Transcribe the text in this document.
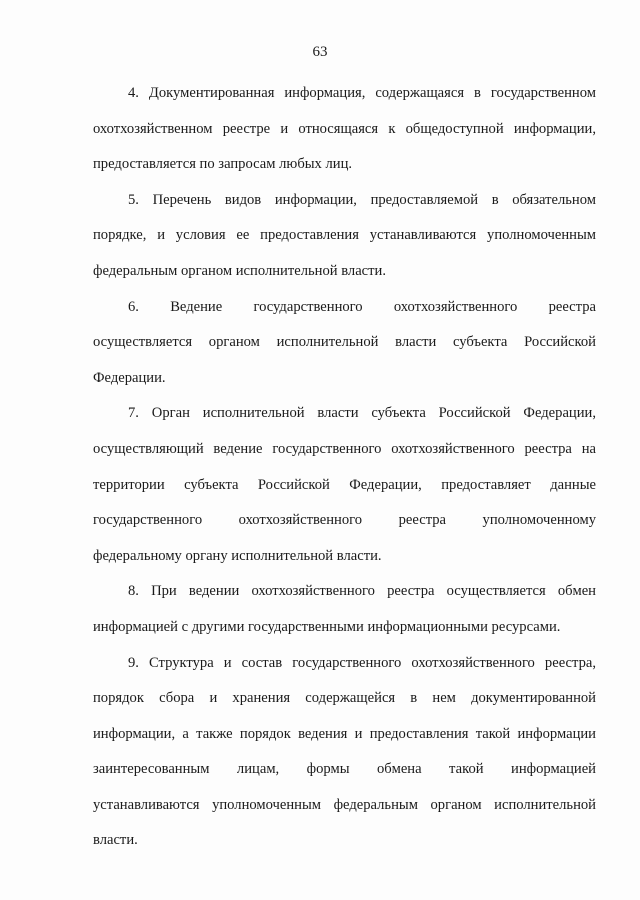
63
4. Документированная информация, содержащаяся в государственном
охотхозяйственном реестре и относящаяся к общедоступной информации,
предоставляется по запросам любых лиц.
5. Перечень видов информации, предоставляемой в обязательном
порядке, и условия ее предоставления устанавливаются уполномоченным
федеральным органом исполнительной власти.
6. Ведение государственного охотхозяйственного реестра
осуществляется органом исполнительной власти субъекта Российской
Федерации.
7. Орган исполнительной власти субъекта Российской Федерации,
осуществляющий ведение государственного охотхозяйственного реестра на
территории субъекта Российской Федерации, предоставляет данные
государственного охотхозяйственного реестра уполномоченному
федеральному органу исполнительной власти.
8. При ведении охотхозяйственного реестра осуществляется обмен
информацией с другими государственными информационными ресурсами.
9. Структура и состав государственного охотхозяйственного реестра,
порядок сбора и хранения содержащейся в нем документированной
информации, а также порядок ведения и предоставления такой информации
заинтересованным лицам, формы обмена такой информацией
устанавливаются уполномоченным федеральным органом исполнительной
власти.
